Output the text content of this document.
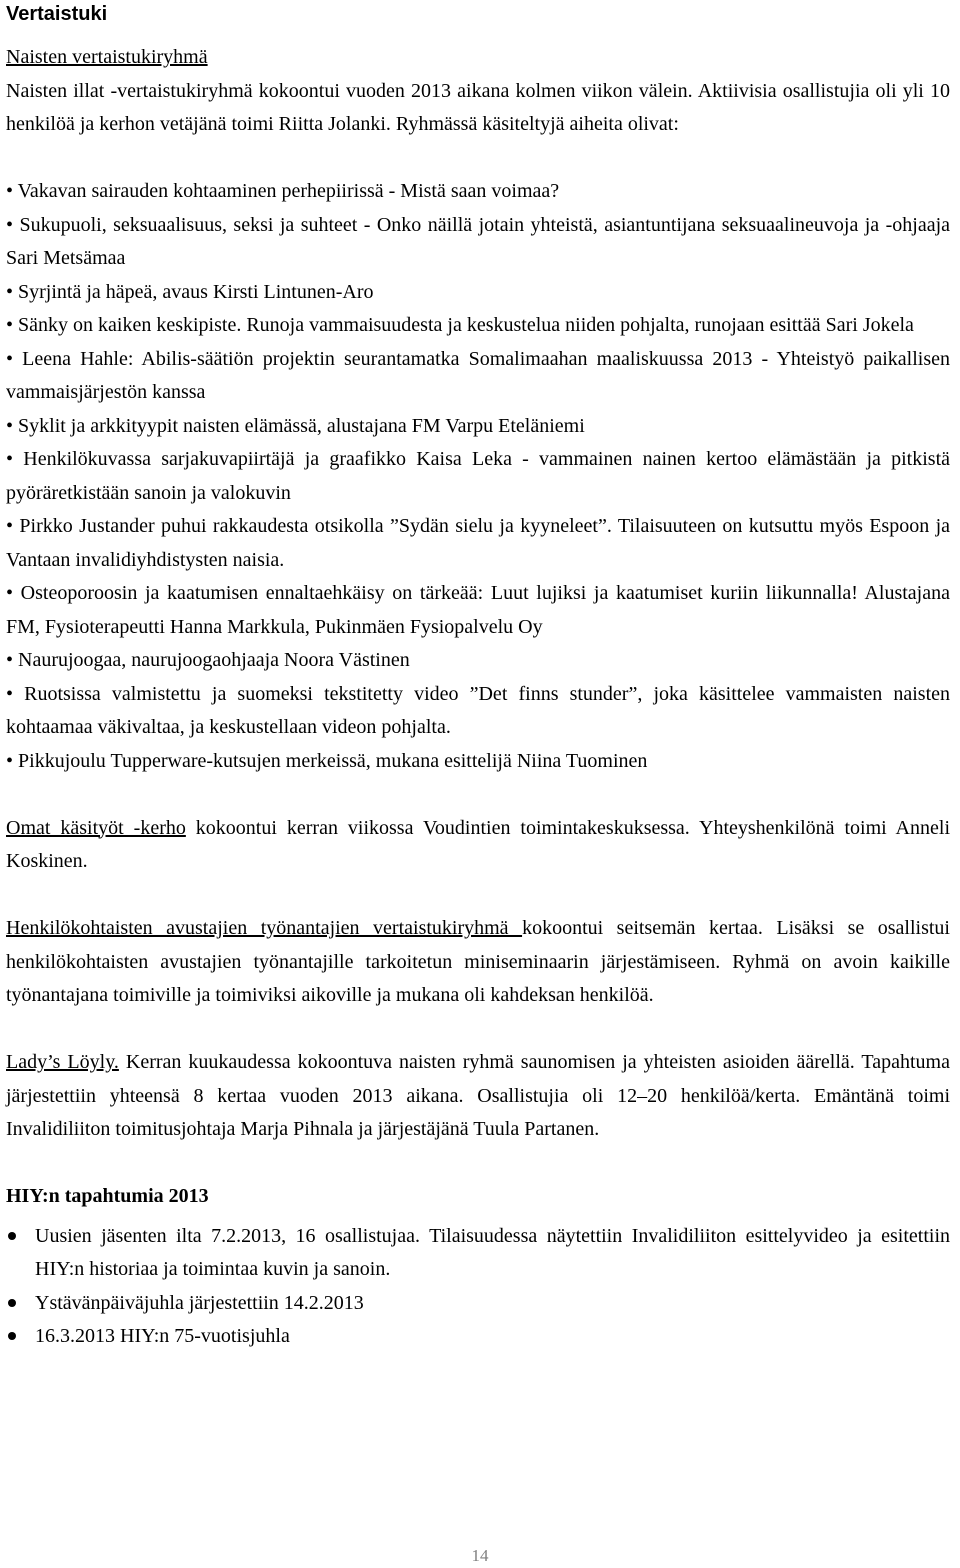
Vertaistuki

Naisten vertaistukiryhmä

Naisten illat -vertaistukiryhmä kokoontui vuoden 2013 aikana kolmen viikon välein. Aktiivisia osallistujia oli yli 10 henkilöä ja kerhon vetäjänä toimi Riitta Jolanki. Ryhmässä käsiteltyjä aiheita olivat:

• Vakavan sairauden kohtaaminen perhepiirissä - Mistä saan voimaa?
• Sukupuoli, seksuaalisuus, seksi ja suhteet - Onko näillä jotain yhteistä, asiantuntijana seksuaalineuvoja ja -ohjaaja Sari Metsämaa
• Syrjintä ja häpeä, avaus Kirsti Lintunen-Aro
• Sänky on kaiken keskipiste. Runoja vammaisuudesta ja keskustelua niiden pohjalta, runojaan esittää Sari Jokela
• Leena Hahle: Abilis-säätiön projektin seurantamatka Somalimaahan maaliskuussa 2013 - Yhteistyö paikallisen vammaisjärjestön kanssa
• Syklit ja arkkityypit naisten elämässä, alustajana FM Varpu Eteläniemi
• Henkilökuvassa sarjakuvapiirtäjä ja graafikko Kaisa Leka - vammainen nainen kertoo elämästään ja pitkistä pyöräretkistään sanoin ja valokuvin
• Pirkko Justander puhui rakkaudesta otsikolla ”Sydän sielu ja kyyneleet”. Tilaisuuteen on kutsuttu myös Espoon ja Vantaan invalidiyhdistysten naisia.
• Osteoporoosin ja kaatumisen ennaltaehkäisy on tärkeää: Luut lujiksi ja kaatumiset kuriin liikunnalla! Alustajana FM, Fysioterapeutti Hanna Markkula, Pukinmäen Fysiopalvelu Oy
• Naurujoogaa, naurujoogaohjaaja Noora Västinen
• Ruotsissa valmistettu ja suomeksi tekstitetty video ”Det finns stunder”, joka käsittelee vammaisten naisten kohtaamaa väkivaltaa, ja keskustellaan videon pohjalta.
• Pikkujoulu Tupperware-kutsujen merkeissä, mukana esittelijä Niina Tuominen

Omat käsityöt -kerho kokoontui kerran viikossa Voudintien toimintakeskuksessa. Yhteyshenkilönä toimi Anneli Koskinen.

Henkilökohtaisten avustajien työnantajien vertaistukiryhmä kokoontui seitsemän kertaa. Lisäksi se osallistui henkilökohtaisten avustajien työnantajille tarkoitetun miniseminaarin järjestämiseen. Ryhmä on avoin kaikille työnantajana toimiville ja toimiviksi aikoville ja mukana oli kahdeksan henkilöä.

Lady’s Löyly. Kerran kuukaudessa kokoontuva naisten ryhmä saunomisen ja yhteisten asioiden äärellä. Tapahtuma järjestettiin yhteensä 8 kertaa vuoden 2013 aikana. Osallistujia oli 12–20 henkilöä/kerta. Emäntänä toimi Invalidiliiton toimitusjohtaja Marja Pihnala ja järjestäjänä Tuula Partanen.

HIY:n tapahtumia 2013
Uusien jäsenten ilta 7.2.2013, 16 osallistujaa. Tilaisuudessa näytettiin Invalidiliiton esittelyvideo ja esitettiin HIY:n historiaa ja toimintaa kuvin ja sanoin.
Ystävänpäiväjuhla järjestettiin 14.2.2013
16.3.2013 HIY:n 75-vuotisjuhla
14
